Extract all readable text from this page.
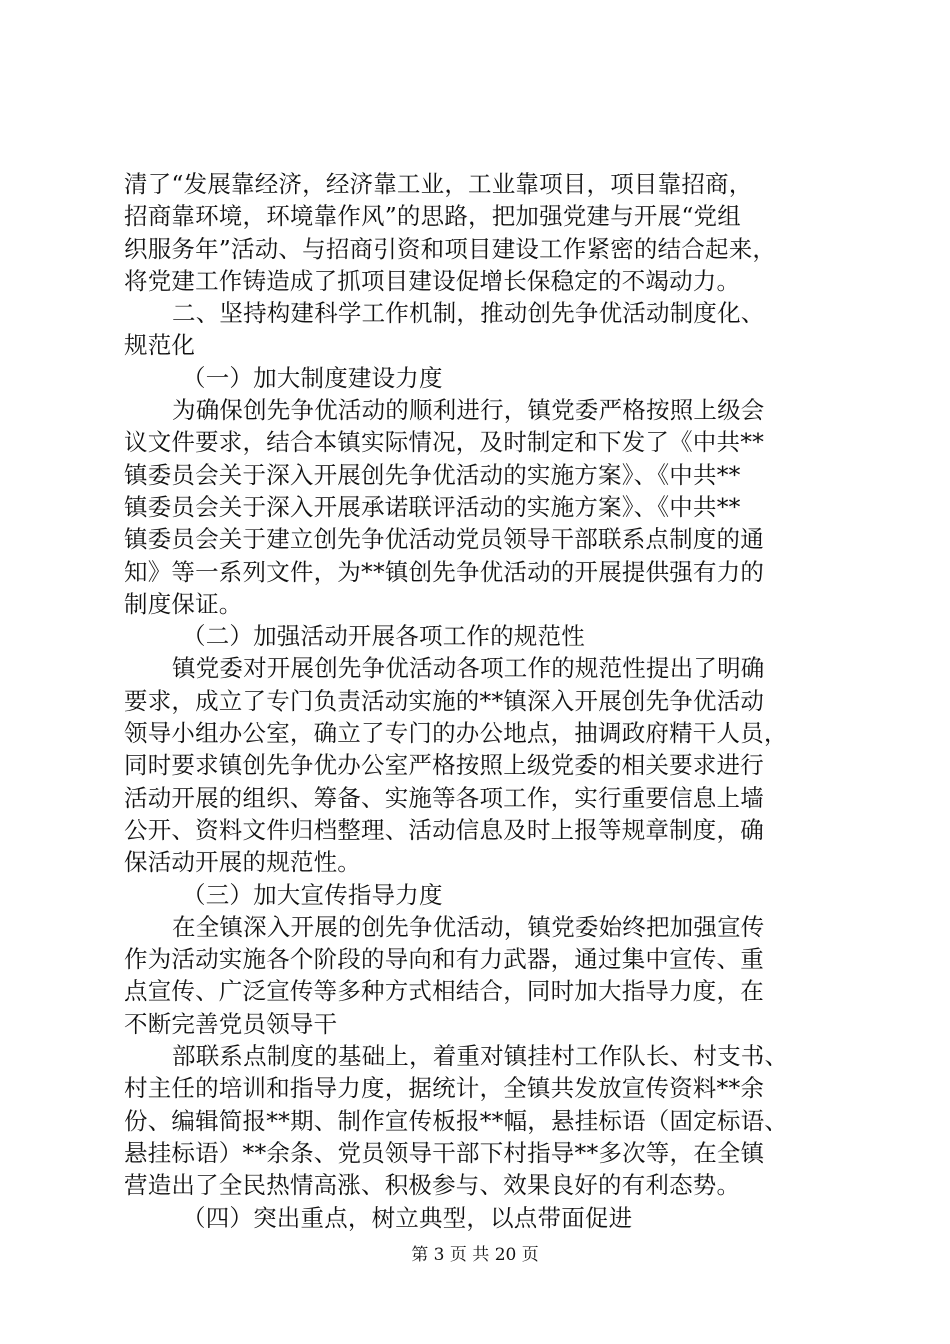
清了“发展靠经济，经济靠工业，工业靠项目，项目靠招商，
招商靠环境，环境靠作风”的思路，把加强党建与开展“党组
织服务年”活动、与招商引资和项目建设工作紧密的结合起来，
将党建工作铸造成了抓项目建设促增长保稳定的不竭动力。
二、坚持构建科学工作机制，推动创先争优活动制度化、
规范化
（一）加大制度建设力度
为确保创先争优活动的顺利进行，镇党委严格按照上级会
议文件要求，结合本镇实际情况，及时制定和下发了《中共**
镇委员会关于深入开展创先争优活动的实施方案》、《中共**
镇委员会关于深入开展承诺联评活动的实施方案》、《中共**
镇委员会关于建立创先争优活动党员领导干部联系点制度的通
知》等一系列文件，为**镇创先争优活动的开展提供强有力的
制度保证。
（二）加强活动开展各项工作的规范性
镇党委对开展创先争优活动各项工作的规范性提出了明确
要求，成立了专门负责活动实施的**镇深入开展创先争优活动
领导小组办公室，确立了专门的办公地点，抽调政府精干人员，
同时要求镇创先争优办公室严格按照上级党委的相关要求进行
活动开展的组织、筹备、实施等各项工作，实行重要信息上墙
公开、资料文件归档整理、活动信息及时上报等规章制度，确
保活动开展的规范性。
（三）加大宣传指导力度
在全镇深入开展的创先争优活动，镇党委始终把加强宣传
作为活动实施各个阶段的导向和有力武器，通过集中宣传、重
点宣传、广泛宣传等多种方式相结合，同时加大指导力度，在
不断完善党员领导干
部联系点制度的基础上，着重对镇挂村工作队长、村支书、
村主任的培训和指导力度，据统计，全镇共发放宣传资料**余
份、编辑简报**期、制作宣传板报**幅，悬挂标语（固定标语、
悬挂标语）**余条、党员领导干部下村指导**多次等，在全镇
营造出了全民热情高涨、积极参与、效果良好的有利态势。
（四）突出重点，树立典型，以点带面促进
第 3 页 共 20 页
